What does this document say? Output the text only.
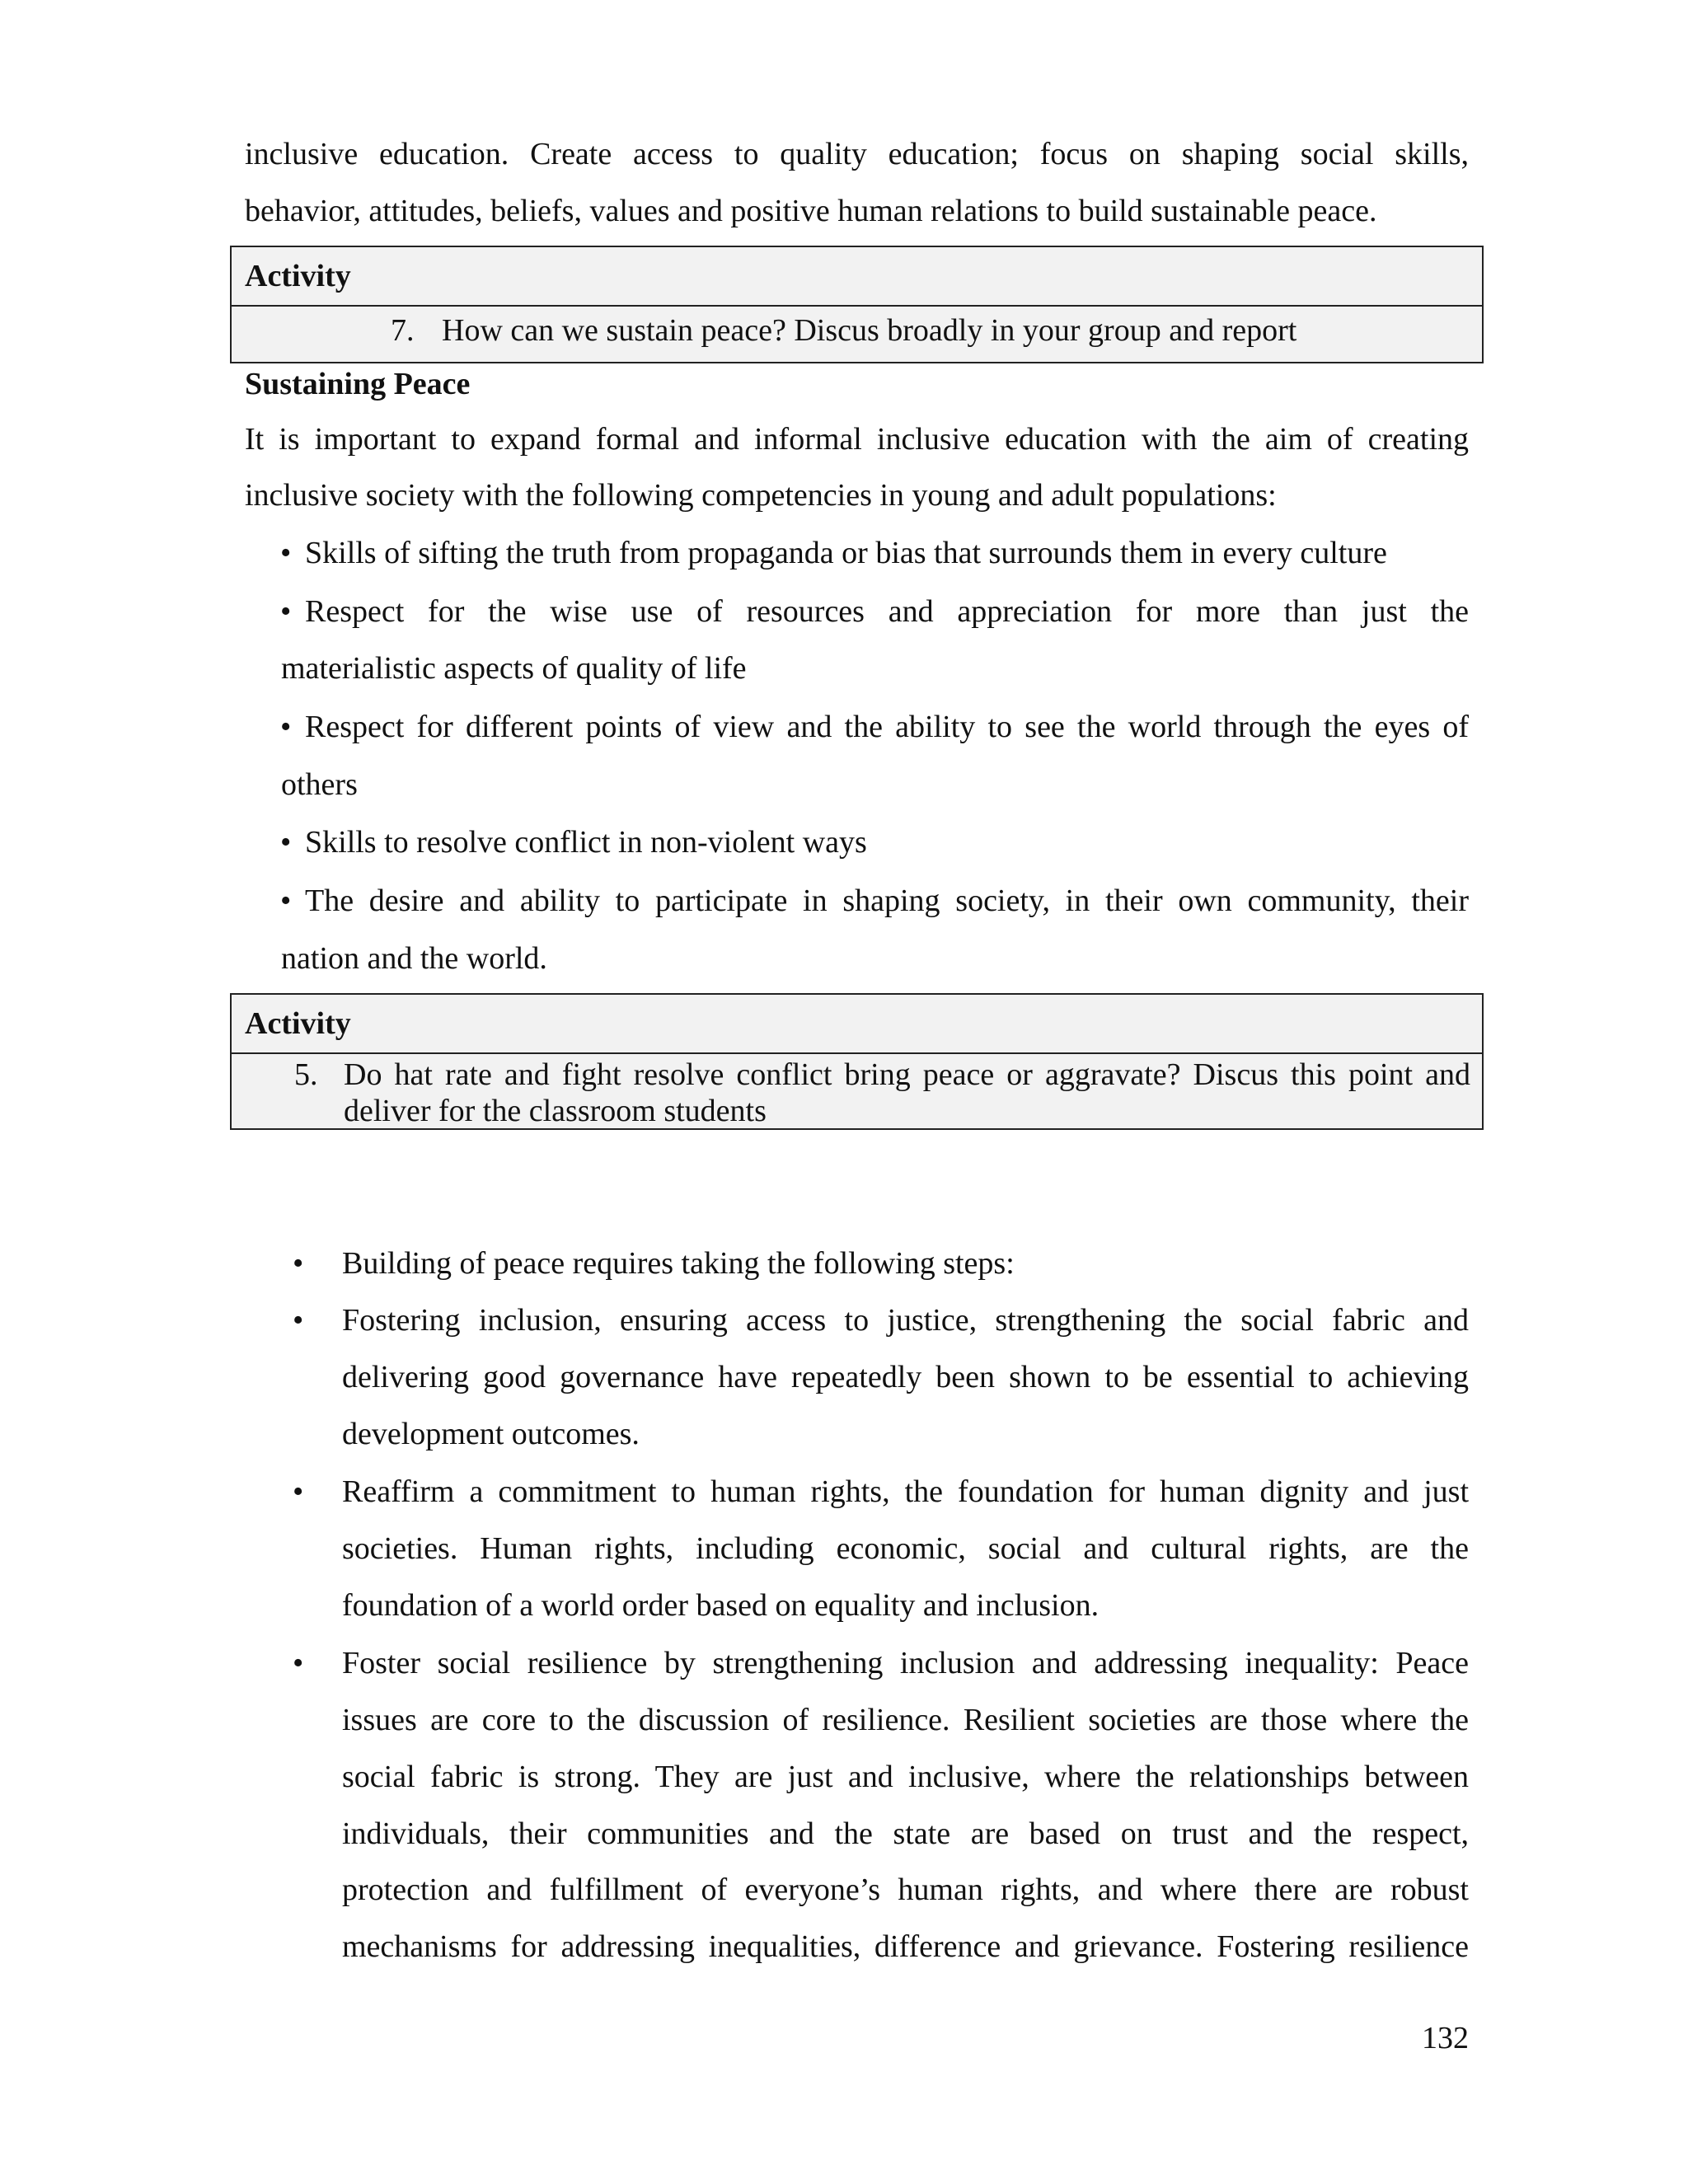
inclusive education. Create access to quality education; focus on shaping social skills,
behavior, attitudes, beliefs, values and positive human relations to build sustainable peace.
Activity
7. How can we sustain peace? Discus broadly in your group and report
Sustaining Peace
It is important to expand formal and informal inclusive education with the aim of creating
inclusive society with the following competencies in young and adult populations:
• Skills of sifting the truth from propaganda or bias that surrounds them in every culture
• Respect for the wise use of resources and appreciation for more than just the
materialistic aspects of quality of life
• Respect for different points of view and the ability to see the world through the eyes of
others
• Skills to resolve conflict in non-violent ways
• The desire and ability to participate in shaping society, in their own community, their
nation and the world.
Activity
5. Do hat rate and fight resolve conflict bring peace or aggravate? Discus this point and
deliver for the classroom students
• Building of peace requires taking the following steps:
• Fostering inclusion, ensuring access to justice, strengthening the social fabric and
delivering good governance have repeatedly been shown to be essential to achieving
development outcomes.
• Reaffirm a commitment to human rights, the foundation for human dignity and just
societies. Human rights, including economic, social and cultural rights, are the
foundation of a world order based on equality and inclusion.
• Foster social resilience by strengthening inclusion and addressing inequality: Peace
issues are core to the discussion of resilience. Resilient societies are those where the
social fabric is strong. They are just and inclusive, where the relationships between
individuals, their communities and the state are based on trust and the respect,
protection and fulfillment of everyone’s human rights, and where there are robust
mechanisms for addressing inequalities, difference and grievance. Fostering resilience
132
